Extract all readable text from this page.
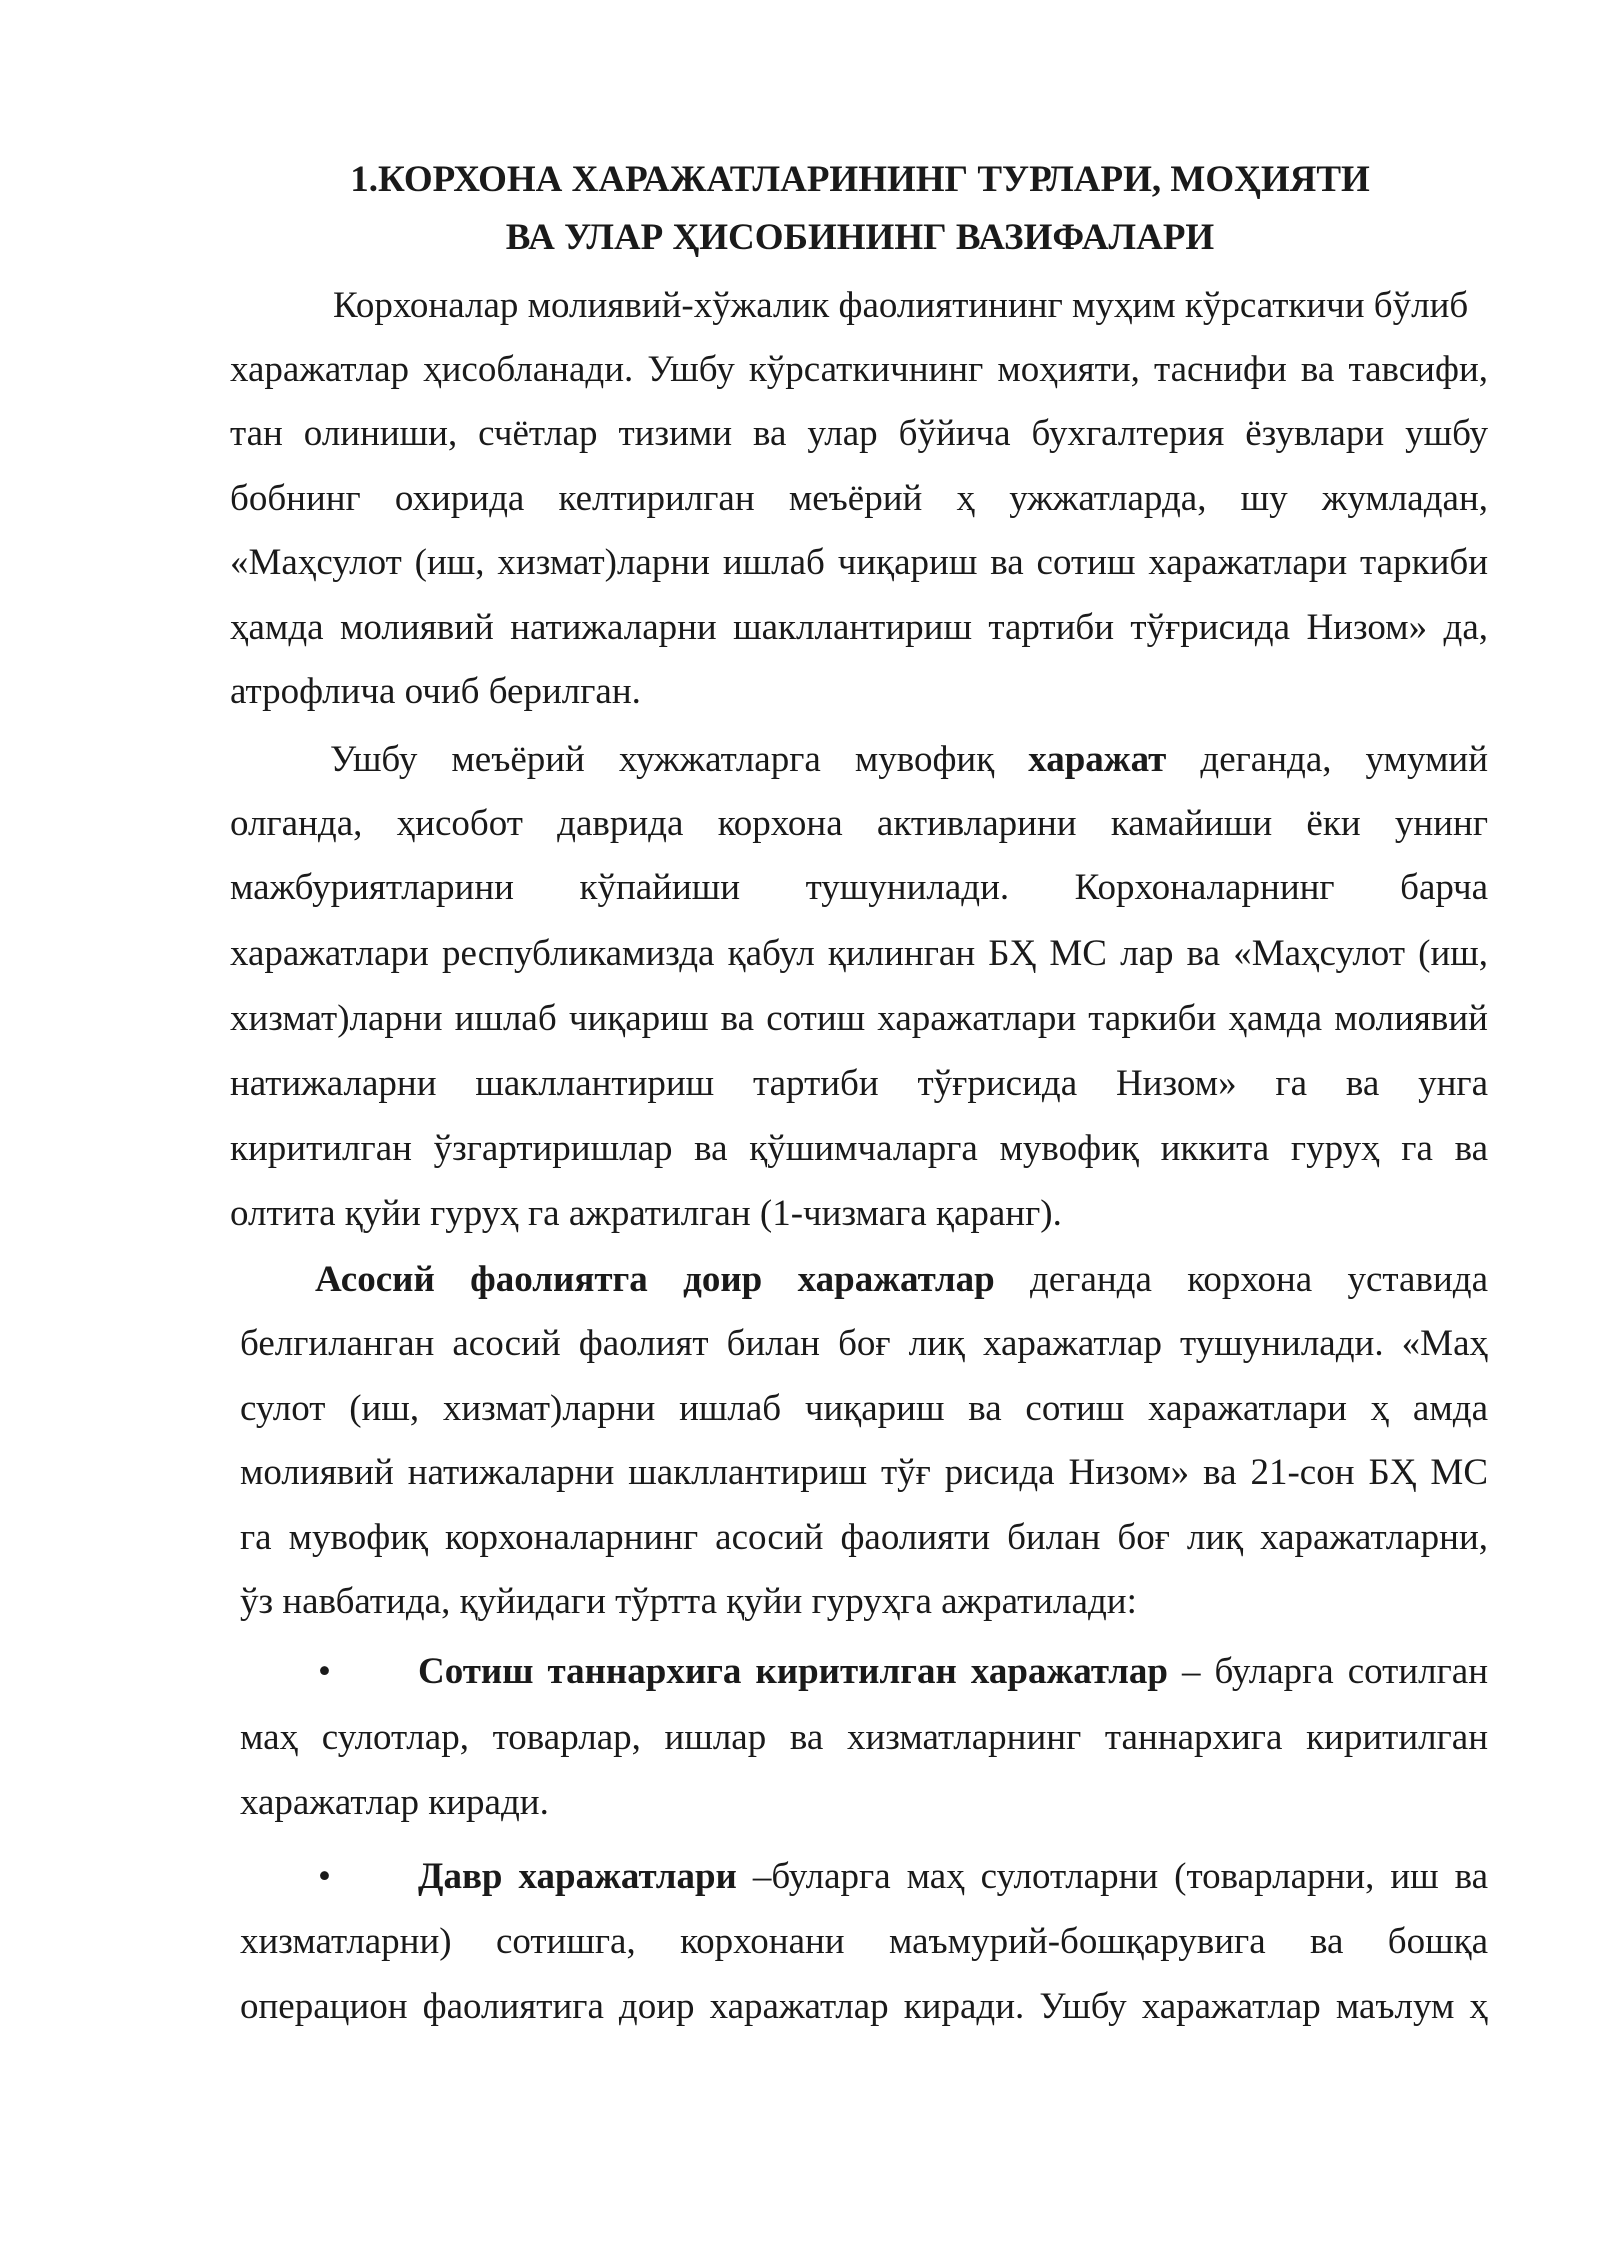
1.КОРХОНА ХАРАЖАТЛАРИНИНГ ТУРЛАРИ, МОҲИЯТИ
ВА УЛАР ҲИСОБИНИНГ ВАЗИФАЛАРИ
Корхоналар молиявий-хўжалик фаолиятининг муҳим кўрсаткичи бўлиб
харажатлар ҳисобланади. Ушбу кўрсаткичнинг моҳияти, таснифи ва тавсифи,
тан олиниши, счётлар тизими ва улар бўйича бухгалтерия ёзувлари ушбу
бобнинг охирида келтирилган меъёрий ҳ ужжатларда, шу жумладан,
«Маҳсулот (иш, хизмат)ларни ишлаб чиқариш ва сотиш харажатлари таркиби
ҳамда молиявий натижаларни шакллантириш тартиби тўғрисида Низом» да,
атрофлича очиб берилган.
Ушбу меъёрий хужжатларга мувофиқ харажат деганда, умумий
олганда, ҳисобот даврида корхона активларини камайиши ёки унинг
мажбуриятларини кўпайиши тушунилади. Корхоналарнинг барча
харажатлари республикамизда қабул қилинган БҲ МС лар ва «Маҳсулот (иш,
хизмат)ларни ишлаб чиқариш ва сотиш харажатлари таркиби ҳамда молиявий
натижаларни шакллантириш тартиби тўғрисида Низом» га ва унга
киритилган ўзгартиришлар ва қўшимчаларга мувофиқ иккита гуруҳ га ва
олтита қуйи гуруҳ га ажратилган (1-чизмага қаранг).
Асосий фаолиятга доир харажатлар деганда корхона уставида
белгиланган асосий фаолият билан боғ лиқ харажатлар тушунилади. «Маҳ
сулот (иш, хизмат)ларни ишлаб чиқариш ва сотиш харажатлари ҳ амда
молиявий натижаларни шакллантириш тўғ рисида Низом» ва 21-сон БҲ МС
га мувофиқ корхоналарнинг асосий фаолияти билан боғ лиқ харажатларни,
ўз навбатида, қуйидаги тўртта қуйи гуруҳга ажратилади:
• Сотиш таннархига киритилган харажатлар – буларга сотилган
маҳ сулотлар, товарлар, ишлар ва хизматларнинг таннархига киритилган
харажатлар киради.
• Давр харажатлари –буларга маҳ сулотларни (товарларни, иш ва
хизматларни) сотишга, корхонани маъмурий-бошқарувига ва бошқа
операцион фаолиятига доир харажатлар киради. Ушбу харажатлар маълум ҳ
